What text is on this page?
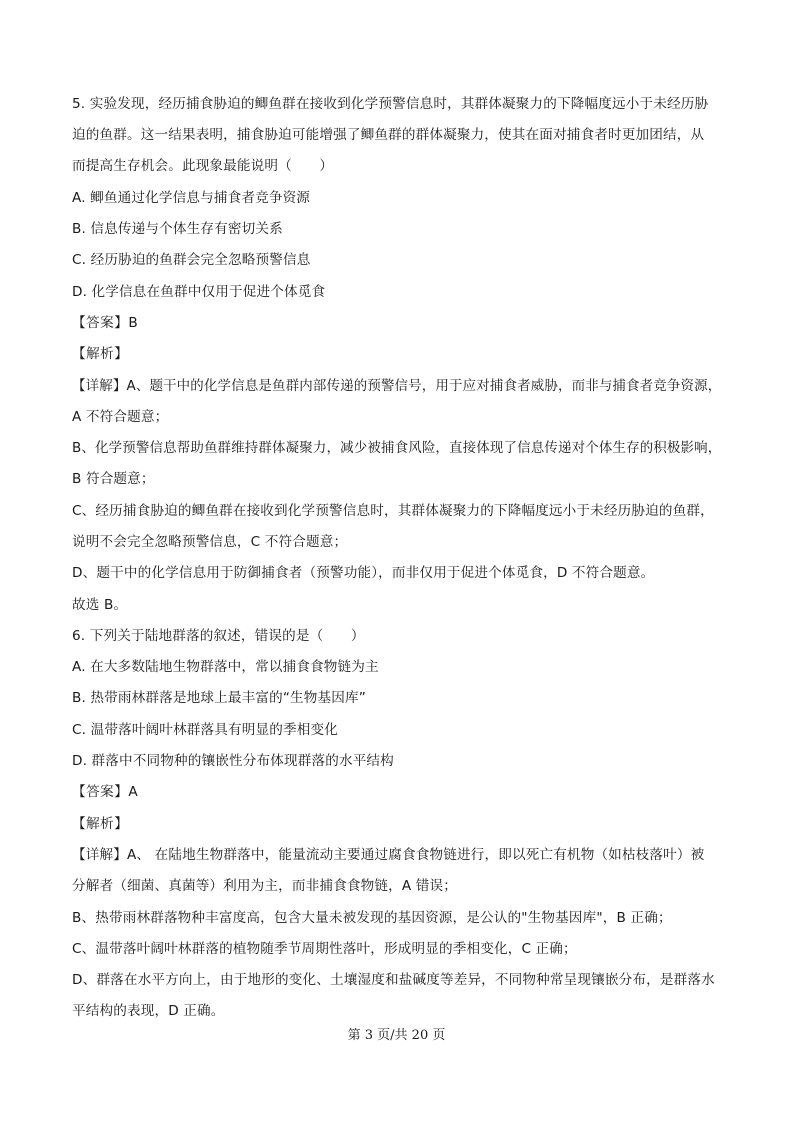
5. 实验发现，经历捕食胁迫的鲫鱼群在接收到化学预警信息时，其群体凝聚力的下降幅度远小于未经历胁
迫的鱼群。这一结果表明，捕食胁迫可能增强了鲫鱼群的群体凝聚力，使其在面对捕食者时更加团结，从
而提高生存机会。此现象最能说明（　　）
A. 鲫鱼通过化学信息与捕食者竞争资源
B. 信息传递与个体生存有密切关系
C. 经历胁迫的鱼群会完全忽略预警信息
D. 化学信息在鱼群中仅用于促进个体觅食
【答案】B
【解析】
【详解】A、题干中的化学信息是鱼群内部传递的预警信号，用于应对捕食者威胁，而非与捕食者竞争资源，
A 不符合题意；
B、化学预警信息帮助鱼群维持群体凝聚力，减少被捕食风险，直接体现了信息传递对个体生存的积极影响，
B 符合题意；
C、经历捕食胁迫的鲫鱼群在接收到化学预警信息时，其群体凝聚力的下降幅度远小于未经历胁迫的鱼群，
说明不会完全忽略预警信息，C 不符合题意；
D、题干中的化学信息用于防御捕食者（预警功能），而非仅用于促进个体觅食，D 不符合题意。
故选 B。
6. 下列关于陆地群落的叙述，错误的是（　　）
A. 在大多数陆地生物群落中，常以捕食食物链为主
B. 热带雨林群落是地球上最丰富的“生物基因库”
C. 温带落叶阔叶林群落具有明显的季相变化
D. 群落中不同物种的镶嵌性分布体现群落的水平结构
【答案】A
【解析】
【详解】A、 在陆地生物群落中，能量流动主要通过腐食食物链进行，即以死亡有机物（如枯枝落叶）被
分解者（细菌、真菌等）利用为主，而非捕食食物链，A 错误；
B、热带雨林群落物种丰富度高，包含大量未被发现的基因资源，是公认的"生物基因库"，B 正确；
C、温带落叶阔叶林群落的植物随季节周期性落叶，形成明显的季相变化，C 正确；
D、群落在水平方向上，由于地形的变化、土壤湿度和盐碱度等差异，不同物种常呈现镶嵌分布，是群落水
平结构的表现，D 正确。
第 3 页/共 20 页
